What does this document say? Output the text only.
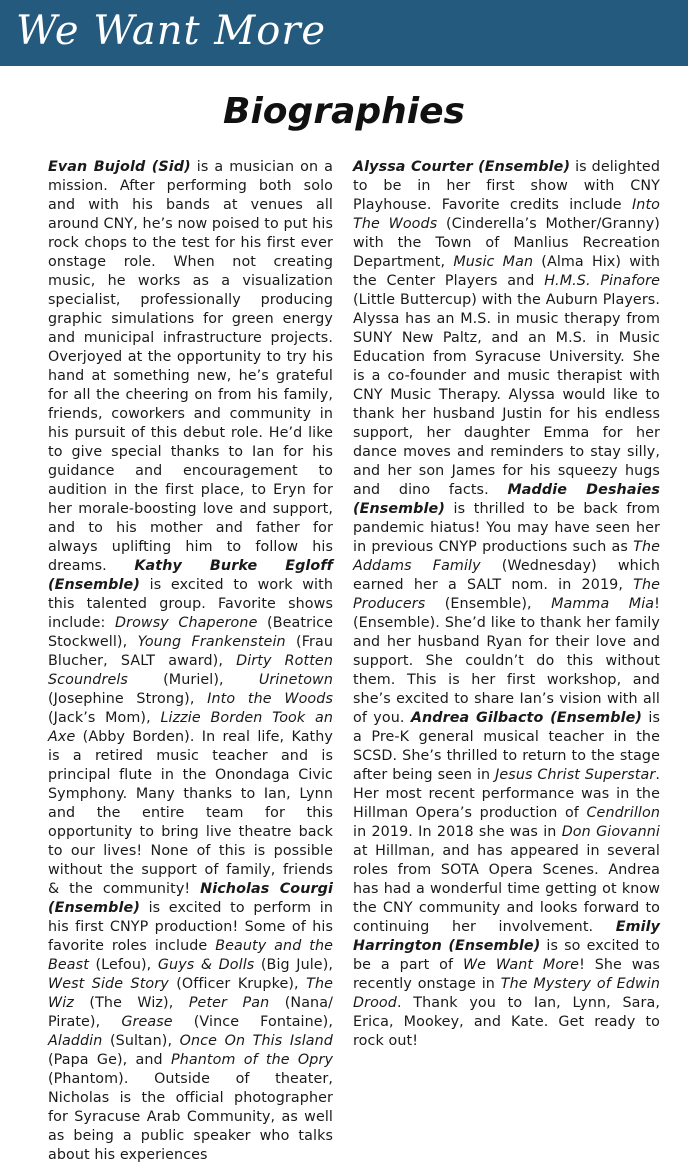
We Want More
Biographies

Evan Bujold (Sid) is a musician on a mission. After performing both solo and with his bands at venues all around CNY, he’s now poised to put his rock chops to the test for his first ever onstage role. When not creating music, he works as a visualization specialist, professionally producing graphic simulations for green energy and municipal infrastructure projects. Overjoyed at the opportunity to try his hand at something new, he’s grateful for all the cheering on from his family, friends, coworkers and community in his pursuit of this debut role. He’d like to give special thanks to Ian for his guidance and encouragement to audition in the first place, to Eryn for her morale-boosting love and support, and to his mother and father for always uplifting him to follow his dreams. Kathy Burke Egloff (Ensemble) is excited to work with this talented group. Favorite shows include: Drowsy Chaperone (Beatrice Stockwell), Young Frankenstein (Frau Blucher, SALT award), Dirty Rotten Scoundrels (Muriel), Urinetown (Josephine Strong), Into the Woods (Jack’s Mom), Lizzie Borden Took an Axe (Abby Borden). In real life, Kathy is a retired music teacher and is principal flute in the Onondaga Civic Symphony. Many thanks to Ian, Lynn and the entire team for this opportunity to bring live theatre back to our lives! None of this is possible without the support of family, friends & the community! Nicholas Courgi (Ensemble) is excited to perform in his first CNYP production! Some of his favorite roles include Beauty and the Beast (Lefou), Guys & Dolls (Big Jule), West Side Story (Officer Krupke), The Wiz (The Wiz), Peter Pan (Nana/ Pirate), Grease (Vince Fontaine), Aladdin (Sultan), Once On This Island (Papa Ge), and Phantom of the Opry (Phantom). Outside of theater, Nicholas is the official photographer for Syracuse Arab Community, as well as being a public speaker who talks about his experiences

Alyssa Courter (Ensemble) is delighted to be in her first show with CNY Playhouse. Favorite credits include Into The Woods (Cinderella’s Mother/Granny) with the Town of Manlius Recreation Department, Music Man (Alma Hix) with the Center Players and H.M.S. Pinafore (Little Buttercup) with the Auburn Players. Alyssa has an M.S. in music therapy from SUNY New Paltz, and an M.S. in Music Education from Syracuse University. She is a co-founder and music therapist with CNY Music Therapy. Alyssa would like to thank her husband Justin for his endless support, her daughter Emma for her dance moves and reminders to stay silly, and her son James for his squeezy hugs and dino facts. Maddie Deshaies (Ensemble) is thrilled to be back from pandemic hiatus! You may have seen her in previous CNYP productions such as The Addams Family (Wednesday) which earned her a SALT nom. in 2019, The Producers (Ensemble), Mamma Mia! (Ensemble). She’d like to thank her family and her husband Ryan for their love and support. She couldn’t do this without them. This is her first workshop, and she’s excited to share Ian’s vision with all of you. Andrea Gilbacto (Ensemble) is a Pre-K general musical teacher in the SCSD. She’s thrilled to return to the stage after being seen in Jesus Christ Superstar. Her most recent performance was in the Hillman Opera’s production of Cendrillon in 2019. In 2018 she was in Don Giovanni at Hillman, and has appeared in several roles from SOTA Opera Scenes. Andrea has had a wonderful time getting ot know the CNY community and looks forward to continuing her involvement. Emily Harrington (Ensemble) is so excited to be a part of We Want More! She was recently onstage in The Mystery of Edwin Drood. Thank you to Ian, Lynn, Sara, Erica, Mookey, and Kate. Get ready to rock out!
